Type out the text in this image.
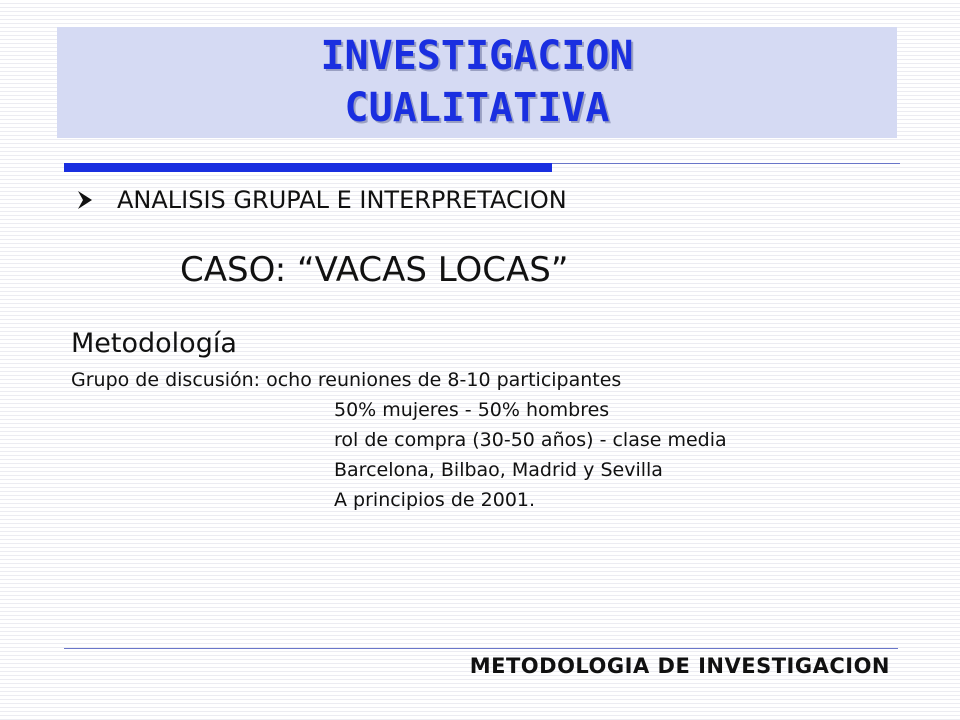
INVESTIGACION
CUALITATIVA
ANALISIS GRUPAL E INTERPRETACION
CASO: “VACAS LOCAS”
Metodología
Grupo de discusión: ocho reuniones de 8-10 participantes
50% mujeres - 50% hombres
rol de compra (30-50 años) - clase media
Barcelona, Bilbao, Madrid y Sevilla
A principios de 2001.
METODOLOGIA DE INVESTIGACION
